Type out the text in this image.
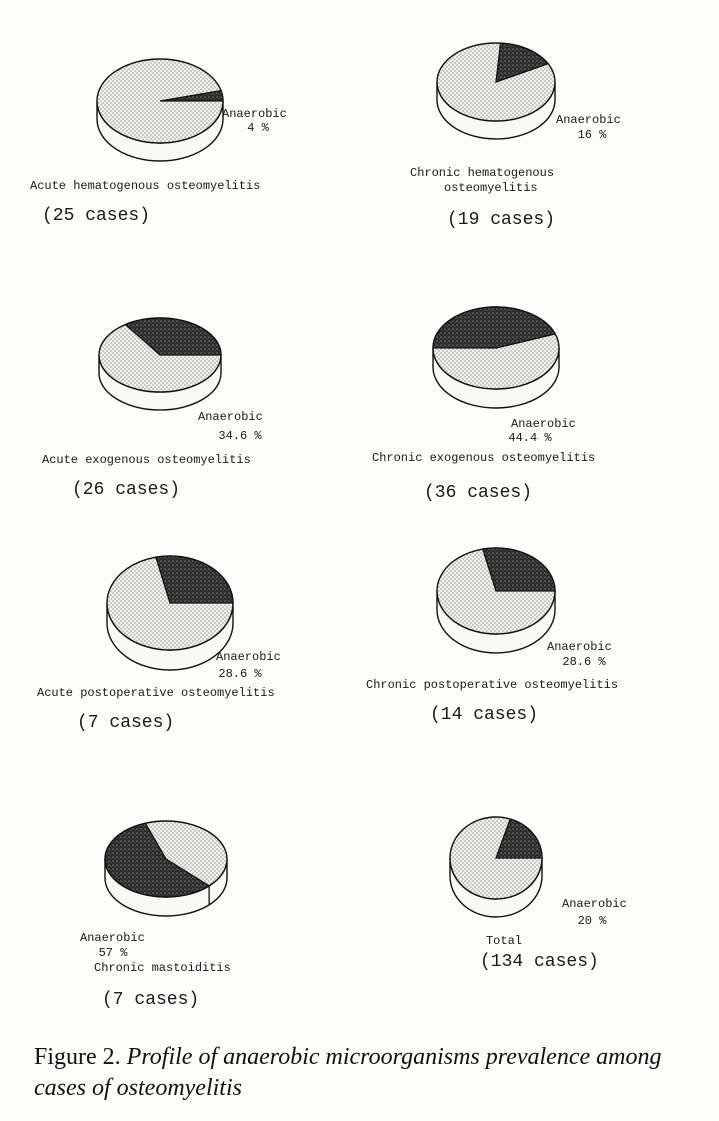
Anaerobic
4 %
Acute hematogenous osteomyelitis
(25 cases)
Anaerobic
16 %
Chronic hematogenous osteomyelitis
(19 cases)
Anaerobic
34.6 %
Acute exogenous osteomyelitis
(26 cases)
Anaerobic
44.4 %
Chronic exogenous osteomyelitis
(36 cases)
Anaerobic
28.6 %
Acute postoperative osteomyelitis
(7 cases)
Anaerobic
28.6 %
Chronic postoperative osteomyelitis
(14 cases)
Anaerobic
57 %
Chronic mastoiditis
(7 cases)
Anaerobic
20 %
Total
(134 cases)
Figure 2. Profile of anaerobic microorganisms prevalence among cases of osteomyelitis
